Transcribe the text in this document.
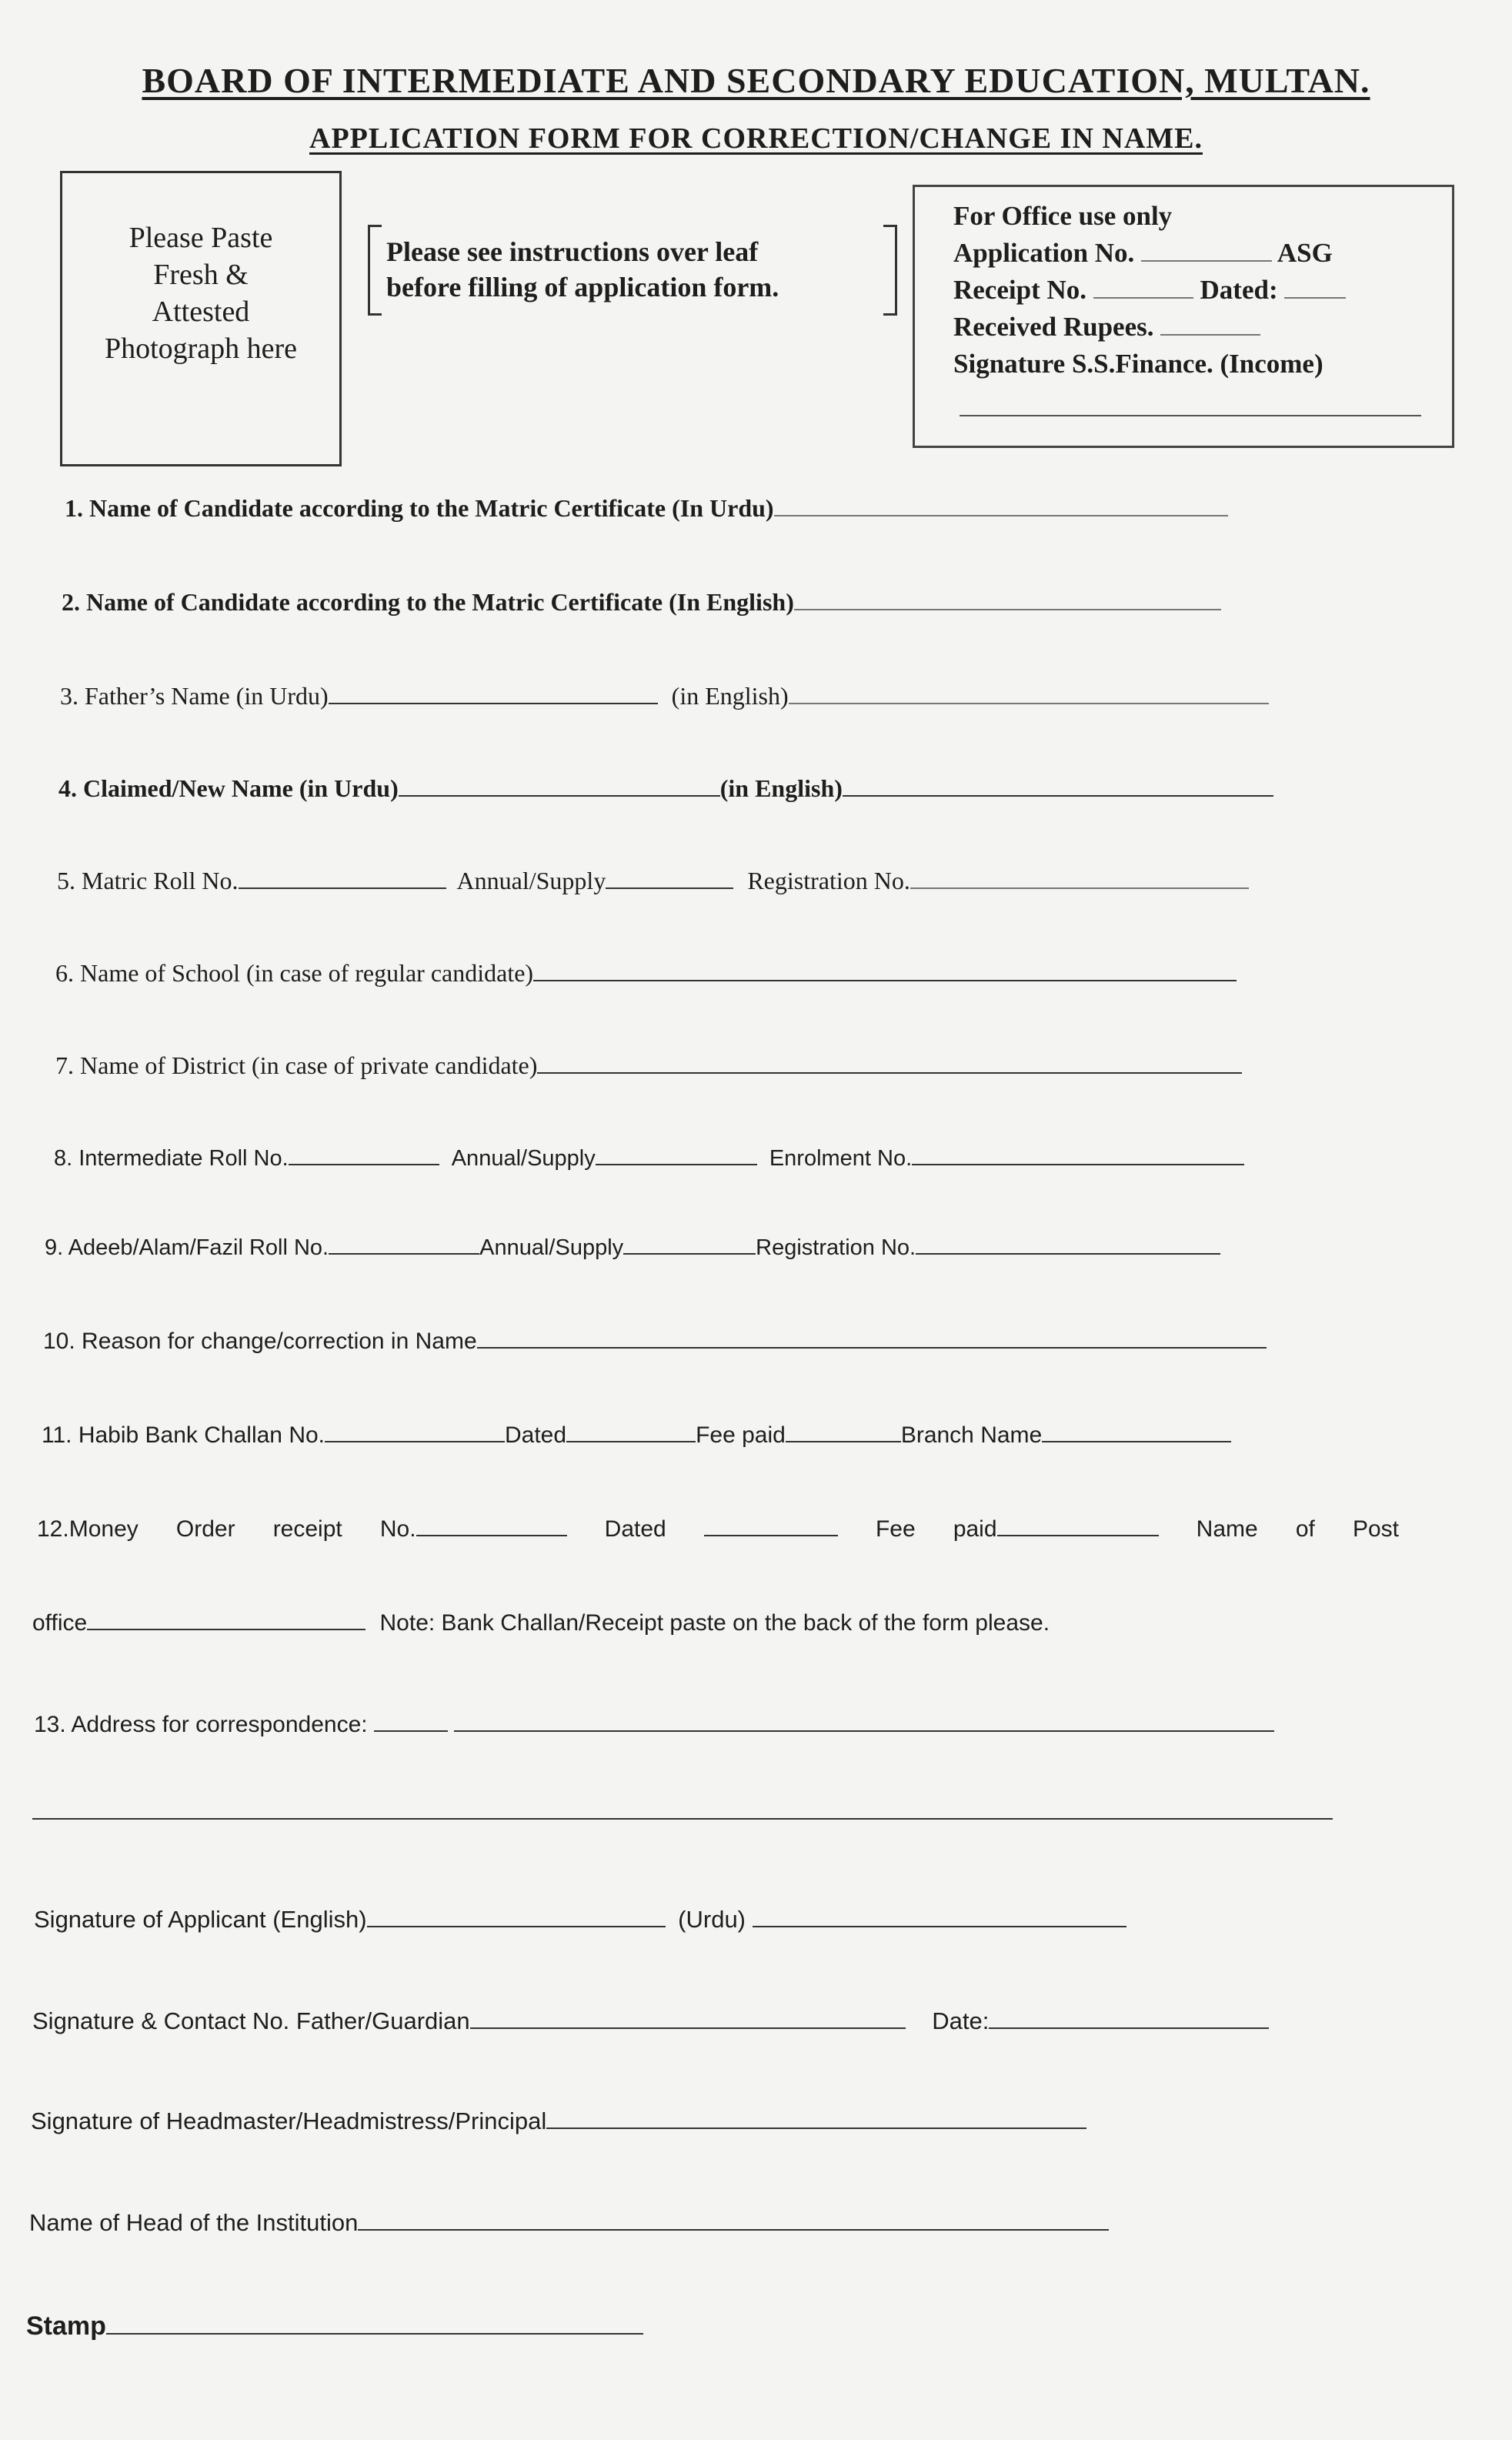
BOARD OF INTERMEDIATE AND SECONDARY EDUCATION, MULTAN.
APPLICATION FORM FOR CORRECTION/CHANGE IN NAME.
Please Paste
Fresh &
Attested
Photograph here
Please see instructions over leaf
before filling of application form.
For Office use only
Application No.	ASG
Receipt No.	Dated:
Received Rupees.
Signature S.S.Finance. (Income)
1. Name of Candidate according to the Matric Certificate (In Urdu)
2. Name of Candidate according to the Matric Certificate (In English)
3. Father’s Name (in Urdu)	(in English)
4. Claimed/New Name (in Urdu)	(in English)
5. Matric Roll No.	Annual/Supply	Registration No.
6. Name of School (in case of regular candidate)
7. Name of District (in case of private candidate)
8. Intermediate Roll No.	Annual/Supply	Enrolment No.
9. Adeeb/Alam/Fazil Roll No.	Annual/Supply	Registration No.
10. Reason for change/correction in Name
11. Habib Bank Challan No.	Dated	Fee paid	Branch Name
12.Money Order receipt No.	Dated	Fee paid	Name of Post
office	Note: Bank Challan/Receipt paste on the back of the form please.
13. Address for correspondence:
Signature of Applicant (English)	(Urdu)
Signature & Contact No. Father/Guardian	Date:
Signature of Headmaster/Headmistress/Principal
Name of Head of the Institution
Stamp
